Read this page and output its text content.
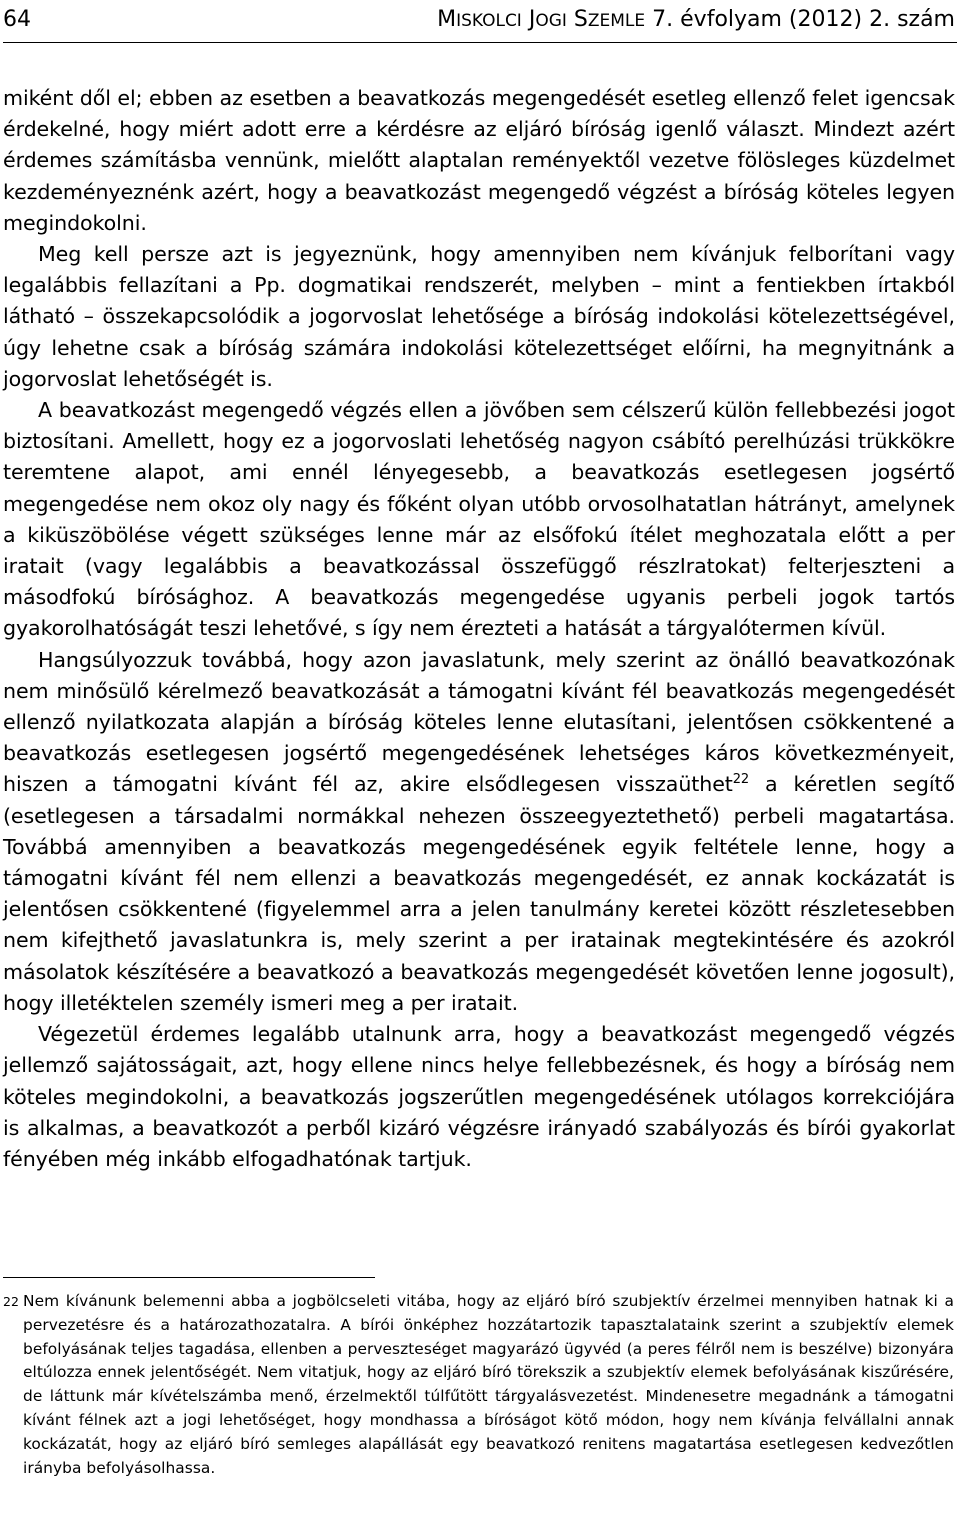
64	MISKOLCI JOGI SZEMLE 7. évfolyam (2012) 2. szám

miként dől el; ebben az esetben a beavatkozás megengedését esetleg ellenző felet igencsak érdekelné, hogy miért adott erre a kérdésre az eljáró bíróság igenlő választ. Mindezt azért érdemes számításba vennünk, mielőtt alaptalan reményektől vezetve fölösleges küzdelmet kezdeményeznénk azért, hogy a beavatkozást megengedő végzést a bíróság köteles legyen megindokolni.

Meg kell persze azt is jegyeznünk, hogy amennyiben nem kívánjuk felborítani vagy legalábbis fellazítani a Pp. dogmatikai rendszerét, melyben – mint a fentiekben írtakból látható – összekapcsolódik a jogorvoslat lehetősége a bíróság indokolási kötelezettségével, úgy lehetne csak a bíróság számára indokolási kötelezettséget előírni, ha megnyitnánk a jogorvoslat lehetőségét is.

A beavatkozást megengedő végzés ellen a jövőben sem célszerű külön fellebbezési jogot biztosítani. Amellett, hogy ez a jogorvoslati lehetőség nagyon csábító perelhúzási trükkökre teremtene alapot, ami ennél lényegesebb, a beavatkozás esetlegesen jogsértő megengedése nem okoz oly nagy és főként olyan utóbb orvosolhatatlan hátrányt, amelynek a kiküszöbölése végett szükséges lenne már az elsőfokú ítélet meghozatala előtt a per iratait (vagy legalábbis a beavatkozással összefüggő részIratokat) felterjeszteni a másodfokú bírósághoz. A beavatkozás megengedése ugyanis perbeli jogok tartós gyakorolhatóságát teszi lehetővé, s így nem érezteti a hatását a tárgyalótermen kívül.

Hangsúlyozzuk továbbá, hogy azon javaslatunk, mely szerint az önálló beavatkozónak nem minősülő kérelmező beavatkozását a támogatni kívánt fél beavatkozás megengedését ellenző nyilatkozata alapján a bíróság köteles lenne elutasítani, jelentősen csökkentené a beavatkozás esetlegesen jogsértő megengedésének lehetséges káros következményeit, hiszen a támogatni kívánt fél az, akire elsődlegesen visszaüthet$^{22}$ a kéretlen segítő (esetlegesen a társadalmi normákkal nehezen összeegyeztethető) perbeli magatartása. Továbbá amennyiben a beavatkozás megengedésének egyik feltétele lenne, hogy a támogatni kívánt fél nem ellenzi a beavatkozás megengedését, ez annak kockázatát is jelentősen csökkentené (figyelemmel arra a jelen tanulmány keretei között részletesebben nem kifejthető javaslatunkra is, mely szerint a per iratainak megtekintésére és azokról másolatok készítésére a beavatkozó a beavatkozás megengedését követően lenne jogosult), hogy illetéktelen személy ismeri meg a per iratait.

Végezetül érdemes legalább utalnunk arra, hogy a beavatkozást megengedő végzés jellemző sajátosságait, azt, hogy ellene nincs helye fellebbezésnek, és hogy a bíróság nem köteles megindokolni, a beavatkozás jogszerűtlen megengedésének utólagos korrekciójára is alkalmas, a beavatkozót a perből kizáró végzésre irányadó szabályozás és bírói gyakorlat fényében még inkább elfogadhatónak tartjuk.

22 Nem kívánunk belemenni abba a jogbölcseleti vitába, hogy az eljáró bíró szubjektív érzelmei mennyiben hatnak ki a pervezetésre és a határozathozatalra. A bírói önképhez hozzátartozik tapasztalataink szerint a szubjektív elemek befolyásának teljes tagadása, ellenben a perveszteséget magyarázó ügyvéd (a peres félről nem is beszélve) bizonyára eltúlozza ennek jelentőségét. Nem vitatjuk, hogy az eljáró bíró törekszik a szubjektív elemek befolyásának kiszűrésére, de láttunk már kívételszámba menő, érzelmektől túlfűtött tárgyalásvezetést. Mindenesetre megadnánk a támogatni kívánt félnek azt a jogi lehetőséget, hogy mondhassa a bíróságot kötő módon, hogy nem kívánja felvállalni annak kockázatát, hogy az eljáró bíró semleges alapállását egy beavatkozó renitens magatartása esetlegesen kedvezőtlen irányba befolyásolhassa.
